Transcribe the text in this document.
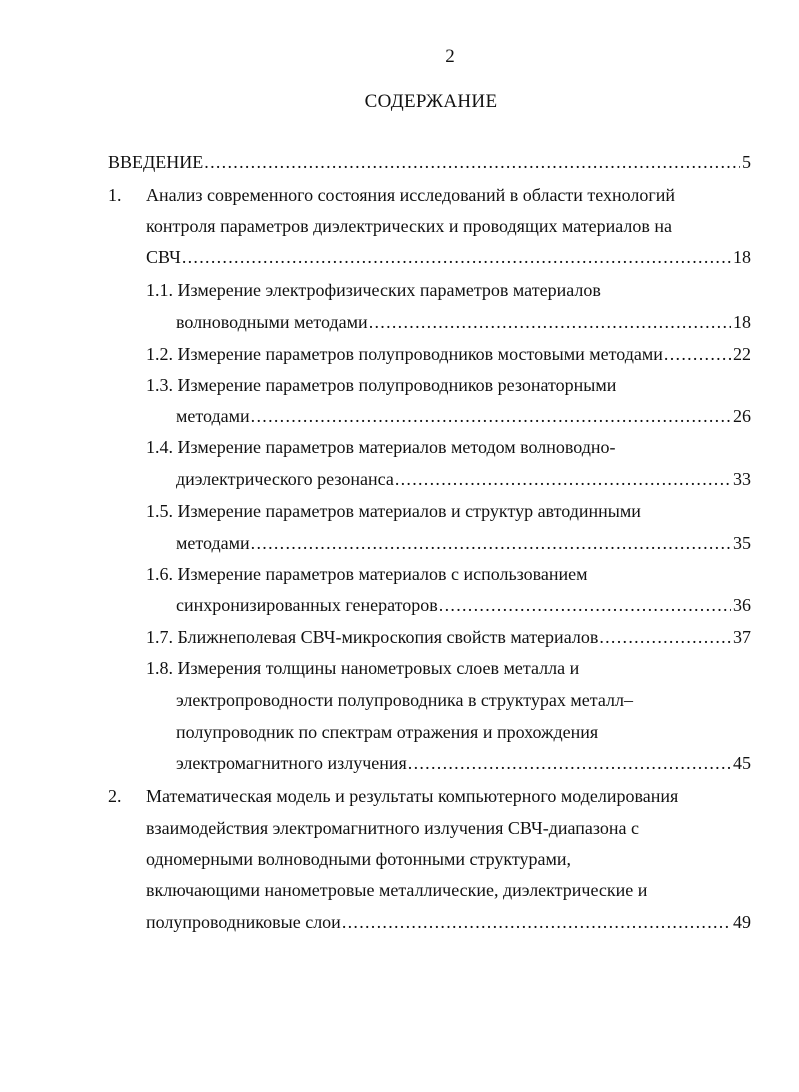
2
СОДЕРЖАНИЕ
ВВЕДЕНИЕ .....	5
1. Анализ современного состояния исследований в области технологий
контроля параметров диэлектрических и проводящих материалов на
СВЧ .....	18
1.1. Измерение электрофизических параметров материалов
волноводными методами .....	18
1.2. Измерение параметров полупроводников мостовыми методами .....	22
1.3. Измерение параметров полупроводников резонаторными
методами .....	26
1.4. Измерение параметров материалов методом волноводно-
диэлектрического резонанса .....	33
1.5. Измерение параметров материалов и структур автодинными
методами .....	35
1.6. Измерение параметров материалов с использованием
синхронизированных генераторов .....	36
1.7. Ближнеполевая СВЧ-микроскопия свойств материалов .....	37
1.8. Измерения толщины нанометровых слоев металла и
электропроводности полупроводника в структурах металл–
полупроводник по спектрам отражения и прохождения
электромагнитного излучения .....	45
2. Математическая модель и результаты компьютерного моделирования
взаимодействия электромагнитного излучения СВЧ-диапазона с
одномерными волноводными фотонными структурами,
включающими нанометровые металлические, диэлектрические и
полупроводниковые слои .....	49
